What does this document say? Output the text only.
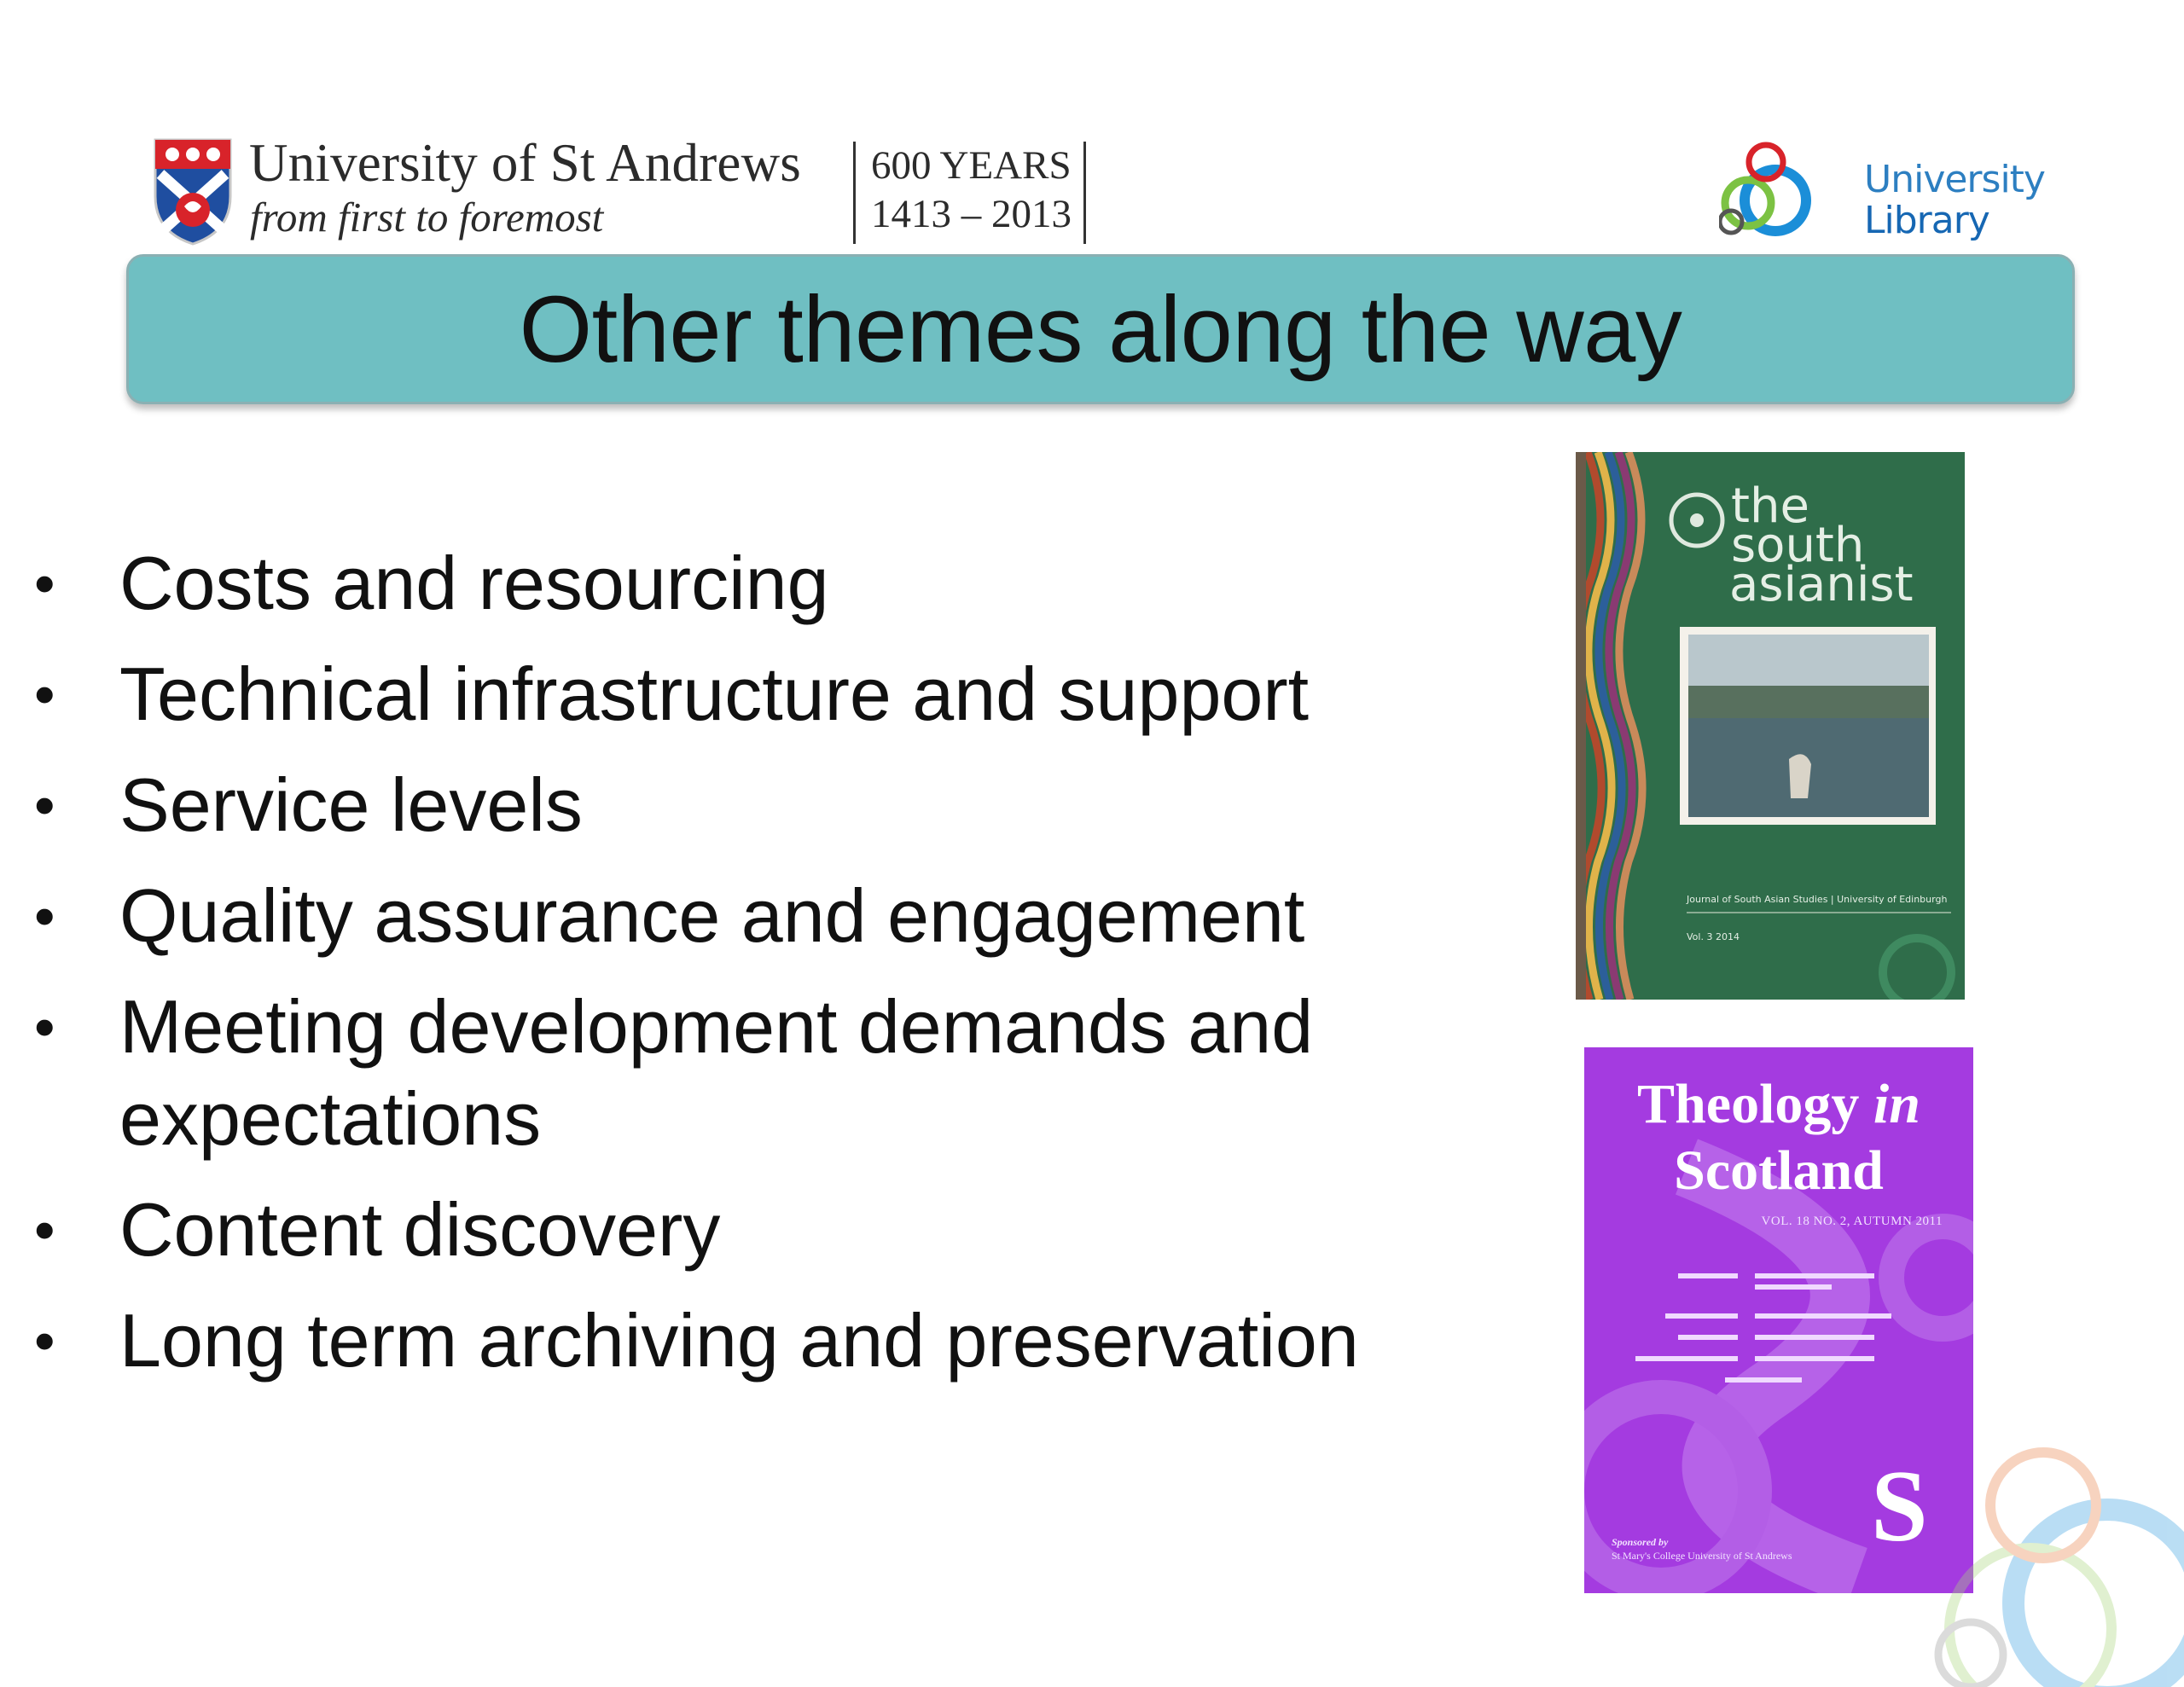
University of St Andrews
from first to foremost
600 YEARS
1413 – 2013
University
Library
Other themes along the way
• Costs and resourcing
• Technical infrastructure and support
• Service levels
• Quality assurance and engagement
• Meeting development demands and expectations
• Content discovery
• Long term archiving and preservation
the
south
asianist
Journal of South Asian Studies | University of Edinburgh
Vol. 3 2014
Theology in
Scotland
VOL. 18 NO. 2, AUTUMN 2011
S
Sponsored by
St Mary's College University of St Andrews
